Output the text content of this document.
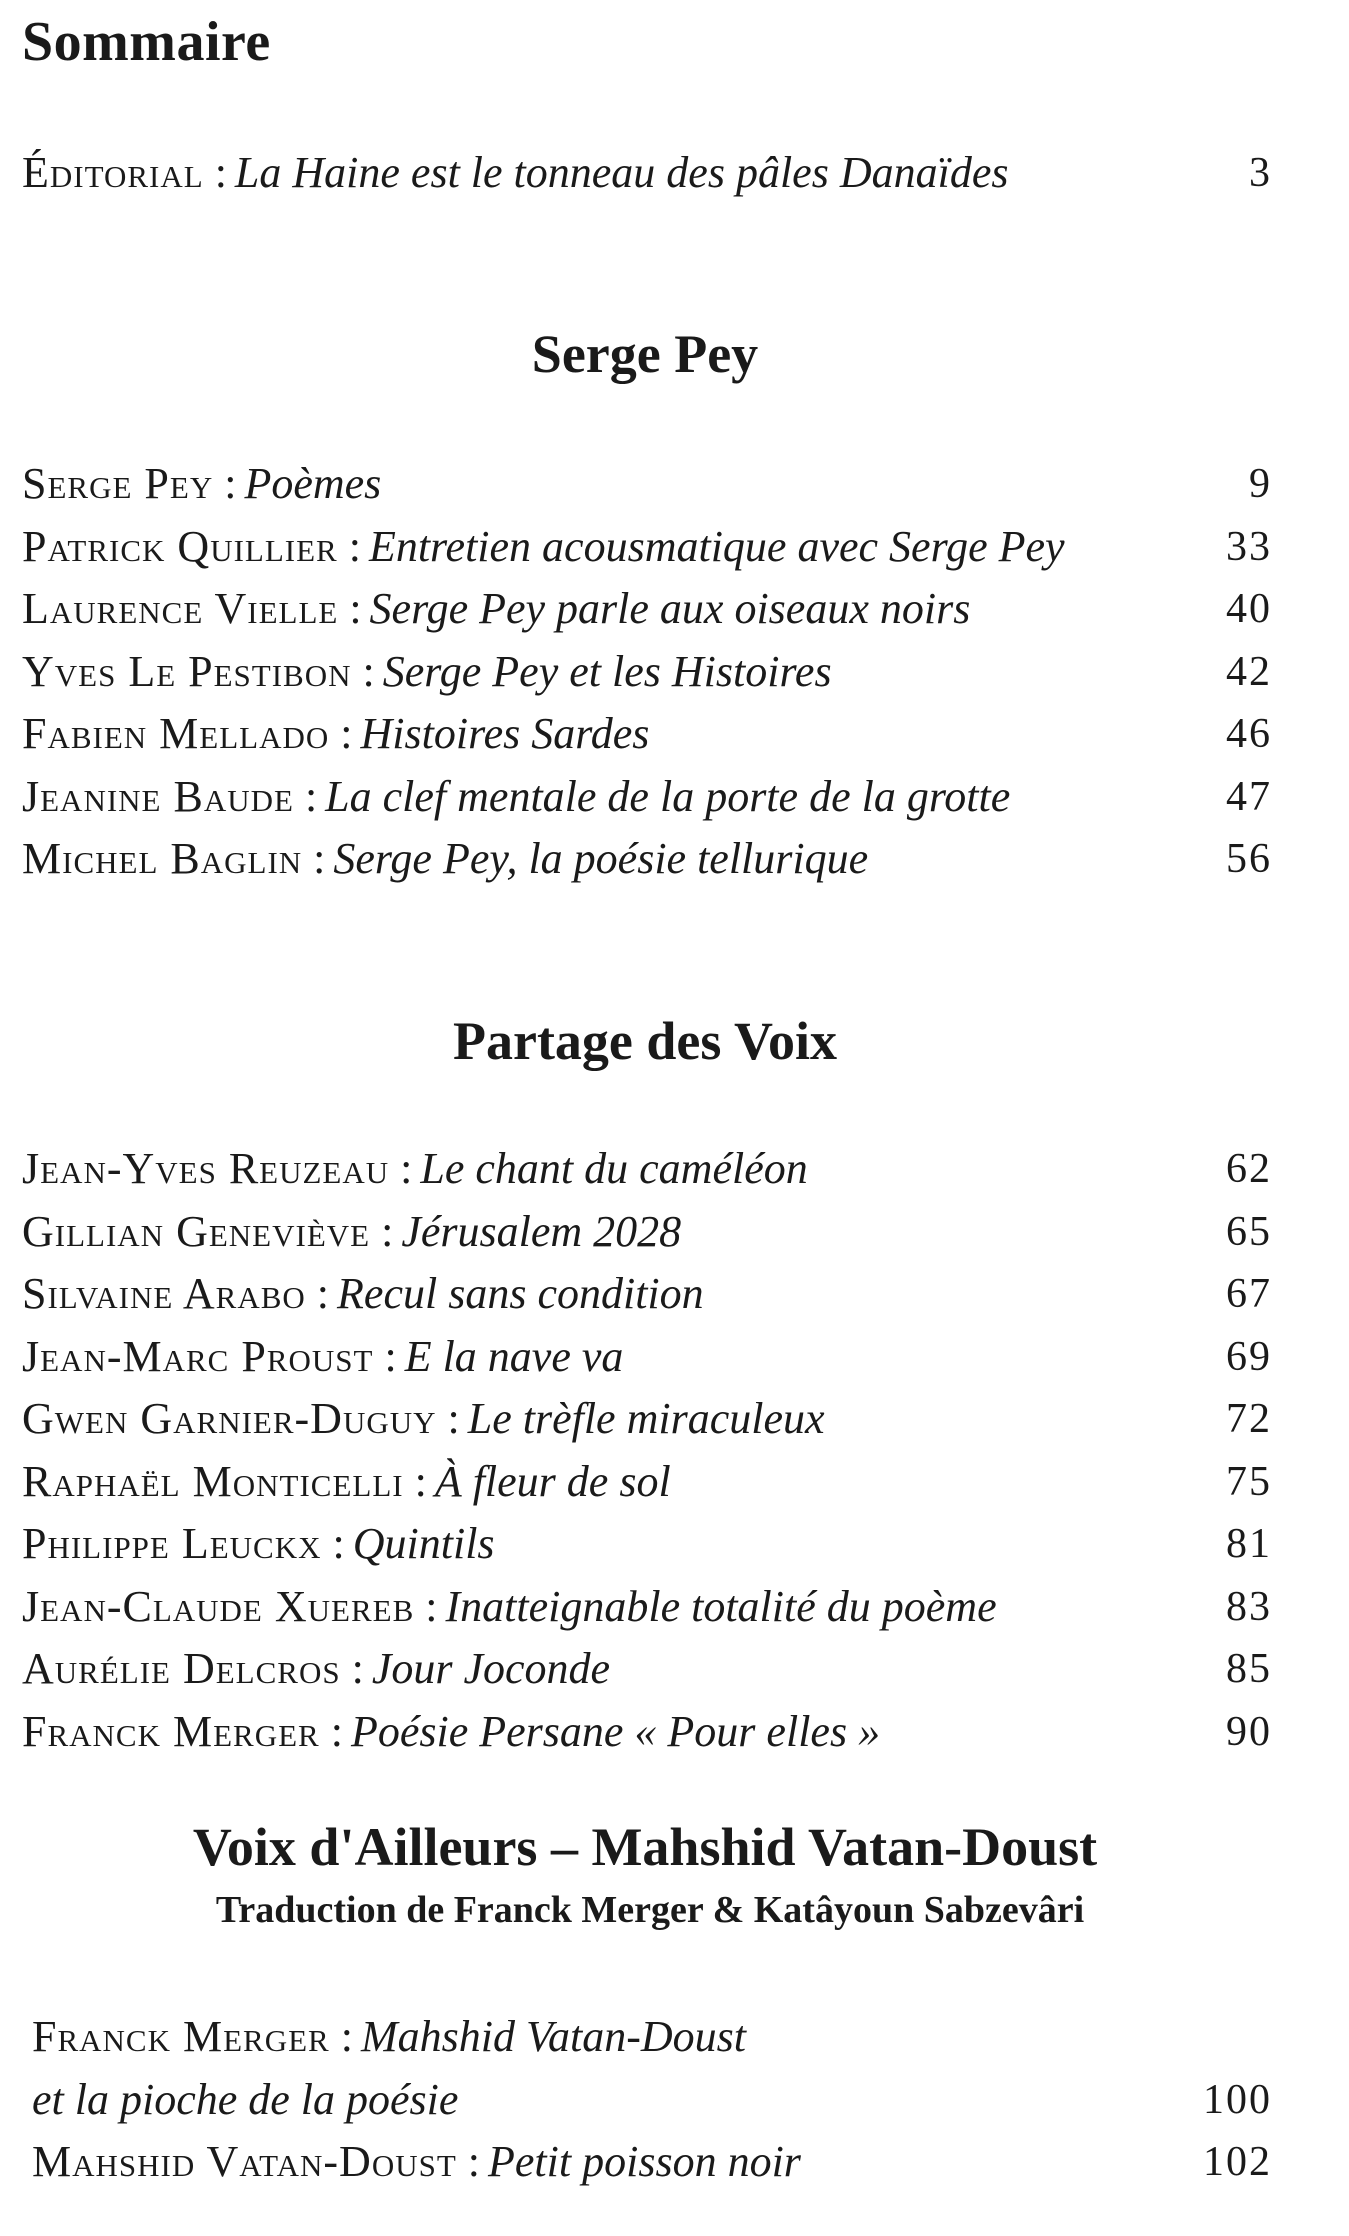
Sommaire
Éditorial : La Haine est le tonneau des pâles Danaïdes	3
Serge Pey
Serge Pey : Poèmes	9
Patrick Quillier : Entretien acousmatique avec Serge Pey	33
Laurence Vielle : Serge Pey parle aux oiseaux noirs	40
Yves Le Pestibon : Serge Pey et les Histoires	42
Fabien Mellado : Histoires Sardes	46
Jeanine Baude : La clef mentale de la porte de la grotte	47
Michel Baglin : Serge Pey, la poésie tellurique	56
Partage des Voix
Jean-Yves Reuzeau : Le chant du caméléon	62
Gillian Geneviève : Jérusalem 2028	65
Silvaine Arabo : Recul sans condition	67
Jean-Marc Proust : E la nave va	69
Gwen Garnier-Duguy : Le trèfle miraculeux	72
Raphaël Monticelli : À fleur de sol	75
Philippe Leuckx : Quintils	81
Jean-Claude Xuereb : Inatteignable totalité du poème	83
Aurélie Delcros : Jour Joconde	85
Franck Merger : Poésie Persane « Pour elles »	90
Voix d'Ailleurs – Mahshid Vatan-Doust
Traduction de Franck Merger & Katâyoun Sabzevâri
Franck Merger : Mahshid Vatan-Doust
et la pioche de la poésie	100
Mahshid Vatan-Doust : Petit poisson noir	102
